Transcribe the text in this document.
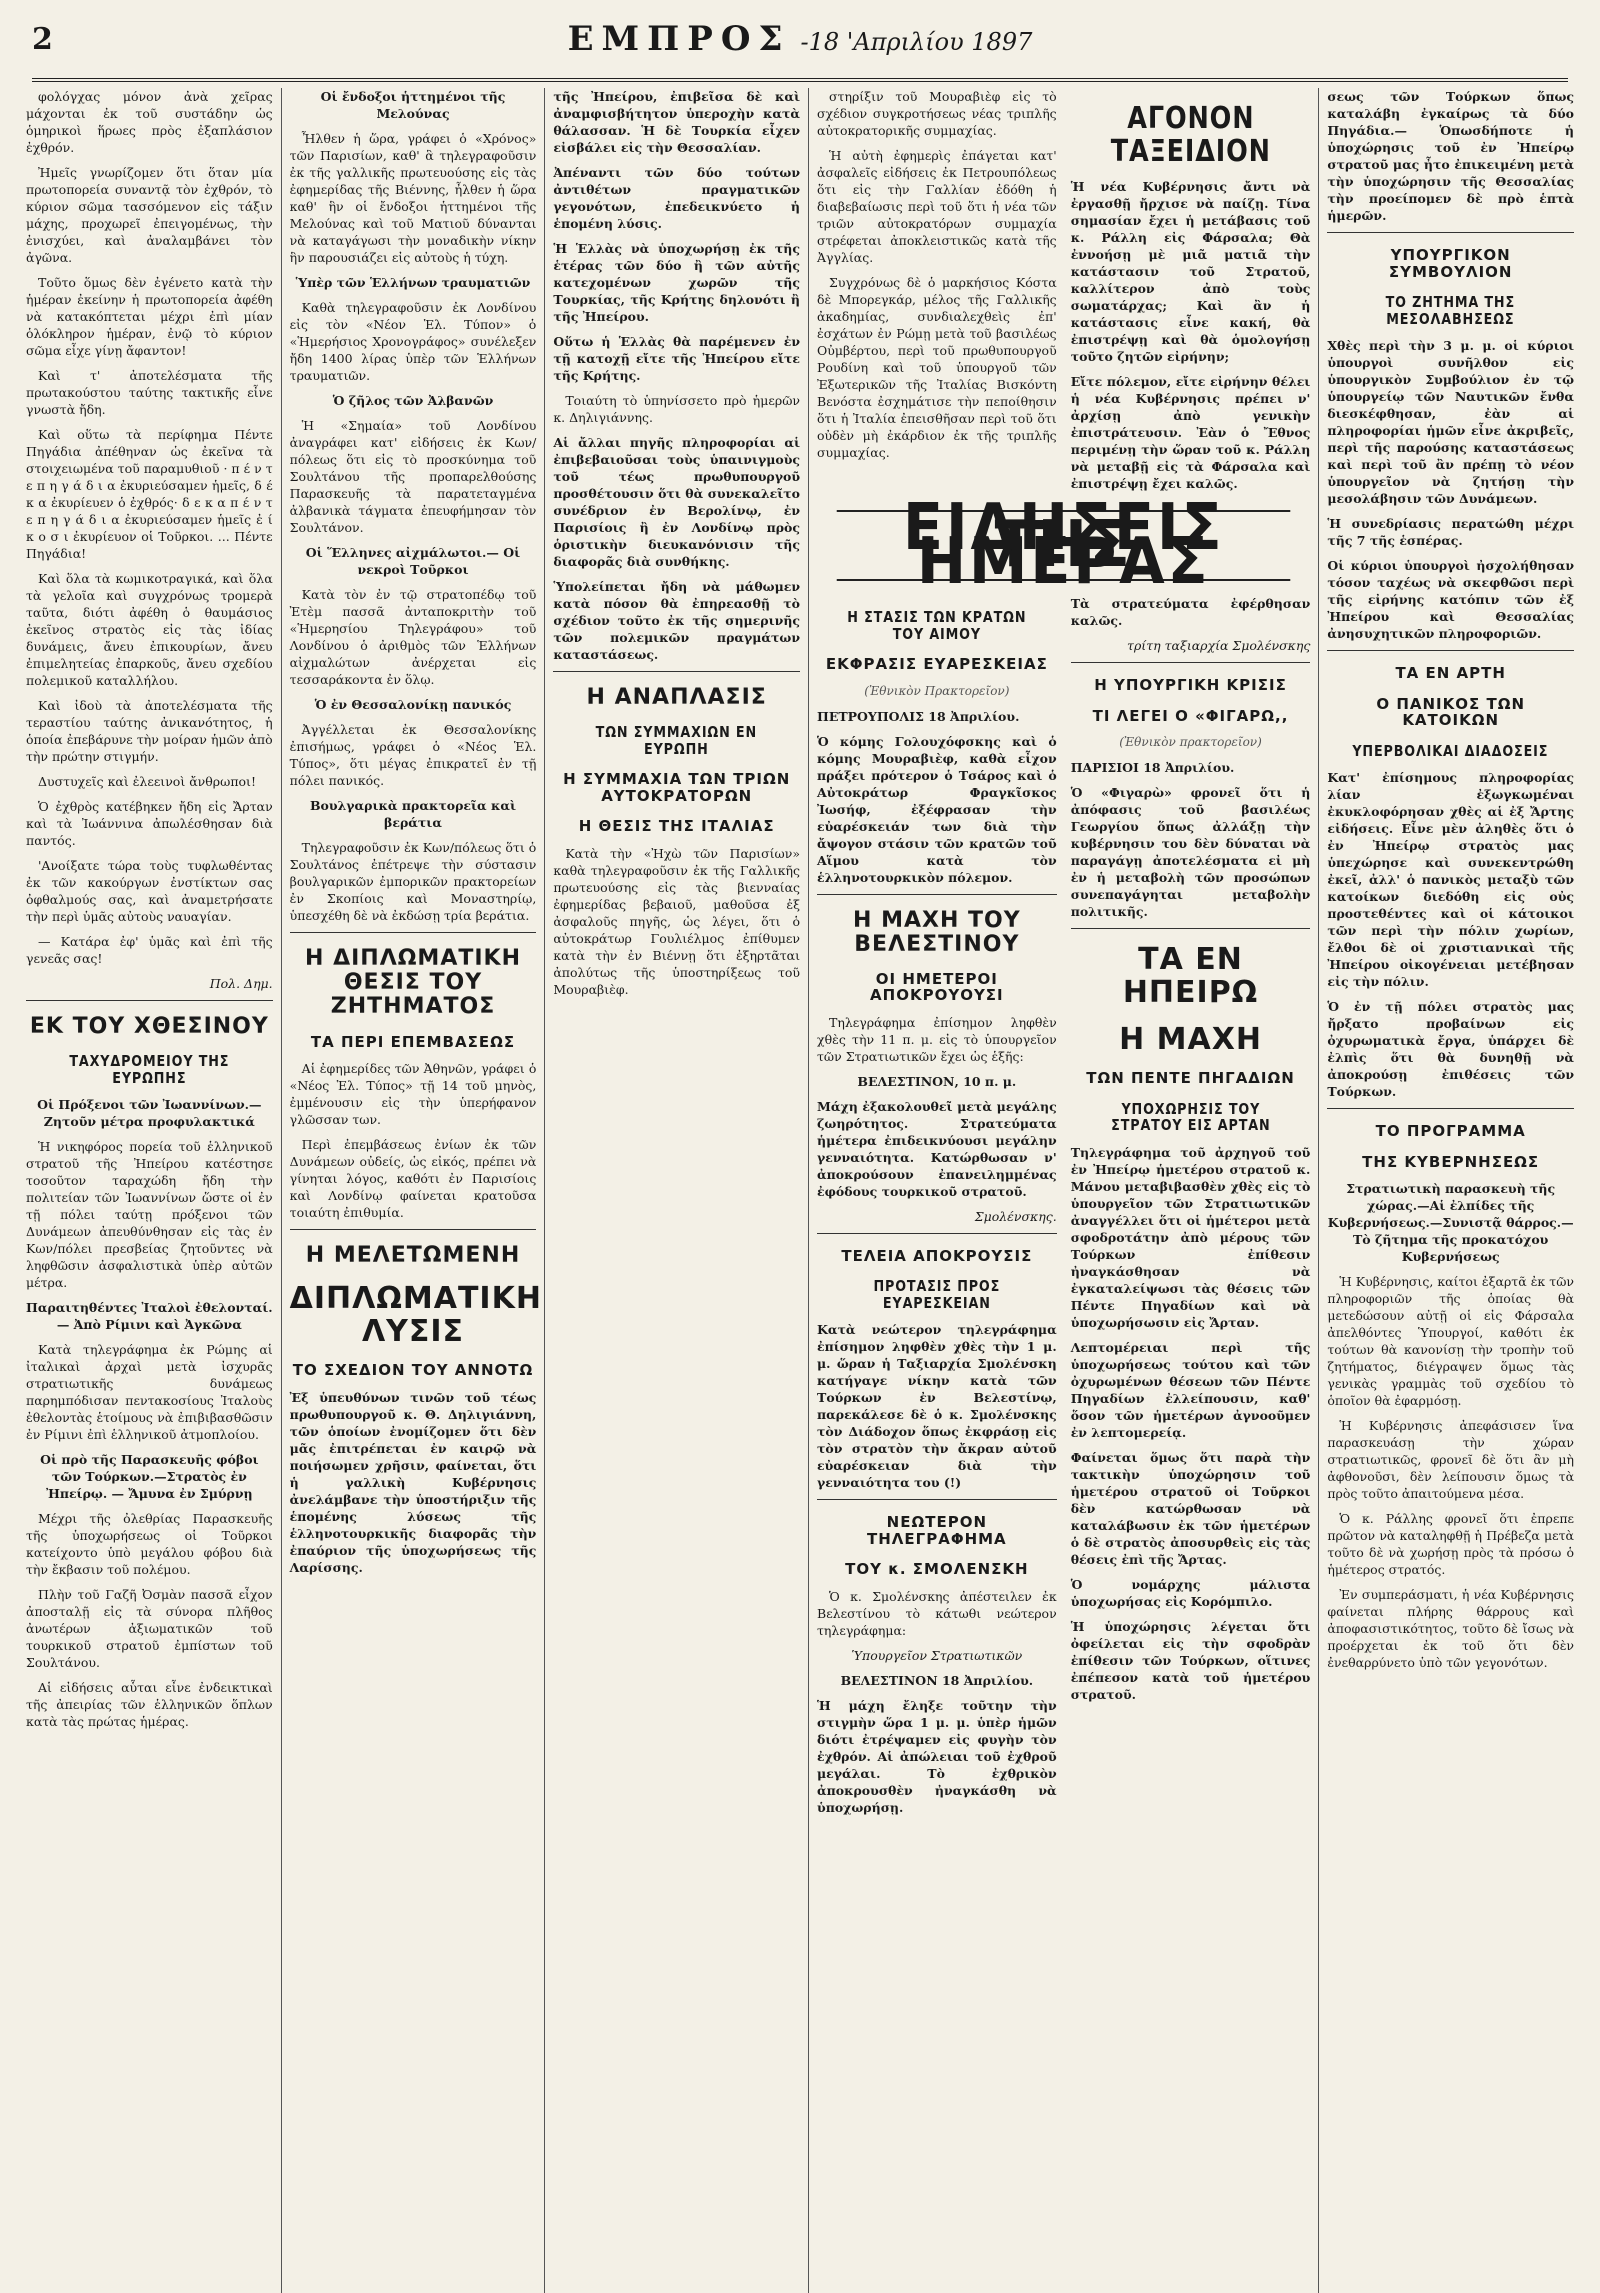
2	ΕΜΠΡΟΣ -18 'Απριλίου 1897

φολόγχας μόνον ἀνὰ χεῖρας μάχονται ἐκ τοῦ συστάδην ὡς ὁμηρικοὶ ἥρωες πρὸς ἐξαπλάσιον ἐχθρόν.

Ἠμεῖς γνωρίζομεν ὅτι ὅταν μία πρωτοπορεία συναντᾷ τὸν ἐχθρόν, τὸ κύριον σῶμα τασσόμενον εἰς τάξιν μάχης, προχωρεῖ ἐπειγομένως, τὴν ἐνισχύει, καὶ ἀναλαμβάνει τὸν ἀγῶνα.

Τοῦτο ὅμως δὲν ἐγένετο κατὰ τὴν ἡμέραν ἐκείνην ἡ πρωτοπορεία ἀφέθη νὰ κατακόπτεται μέχρι ἐπὶ μίαν ὁλόκληρον ἡμέραν, ἐνῷ τὸ κύριον σῶμα εἶχε γίνῃ ἄφαντον!

Καὶ τ' ἀποτελέσματα τῆς πρωτακούστου ταύτης τακτικῆς εἶνε γνωστὰ ἤδη.

Καὶ οὕτω τὰ περίφημα Πέντε Πηγάδια ἀπέθηναν ὡς ἐκεῖνα τὰ στοιχειωμένα τοῦ παραμυθιοῦ · π έ ν τ ε π η γ ά δ ι α ἐκυριεύσαμεν ἡμεῖς, δ έ κ α ἐκυρίευεν ὁ ἐχθρός· δ ε κ α π έ ν τ ε π η γ ά δ ι α ἐκυριεύσαμεν ἡμεῖς ἐ ί κ ο σ ι ἐκυρίευον οἱ Τοῦρκοι. ... Πέντε Πηγάδια!

Καὶ ὅλα τὰ κωμικοτραγικά, καὶ ὅλα τὰ γελοῖα καὶ συγχρόνως τρομερὰ ταῦτα, διότι ἀφέθη ὁ θαυμάσιος ἐκεῖνος στρατὸς εἰς τὰς ἰδίας δυνάμεις, ἄνευ ἐπικουρίων, ἄνευ ἐπιμελητείας ἐπαρκοῦς, ἄνευ σχεδίου πολεμικοῦ καταλλήλου.

Καὶ ἰδοὺ τὰ ἀποτελέσματα τῆς τεραστίου ταύτης ἀνικανότητος, ἡ ὁποία ἐπεβάρυνε τὴν μοίραν ἡμῶν ἀπὸ τὴν πρώτην στιγμήν.

Δυστυχεῖς καὶ ἐλεεινοὶ ἄνθρωποι!

Ὁ ἐχθρὸς κατέβηκεν ἤδη εἰς Ἄρταν καὶ τὰ Ἰωάννινα ἀπωλέσθησαν διὰ παντός.

'Ανοίξατε τώρα τοὺς τυφλωθέντας ἐκ τῶν κακούργων ἐνστίκτων σας ὀφθαλμούς σας, καὶ ἀναμετρήσατε τὴν περὶ ὑμᾶς αὐτοὺς ναυαγίαν.

— Κατάρα ἐφ' ὑμᾶς καὶ ἐπὶ τῆς γενεᾶς σας!

Πολ. Δημ.

ΕΚ ΤΟΥ ΧΘΕΣΙΝΟΥ
ΤΑΧΥΔΡΟΜΕΙΟΥ ΤΗΣ ΕΥΡΩΠΗΣ

Οἱ Πρόξενοι τῶν Ἰωαννίνων.— Ζητοῦν μέτρα προφυλακτικά

Ἡ νικηφόρος πορεία τοῦ ἑλληνικοῦ στρατοῦ τῆς Ἠπείρου κατέστησε τοσοῦτον ταραχώδη ἤδη τὴν πολιτείαν τῶν Ἰωαννίνων ὥστε οἱ ἐν τῇ πόλει ταύτῃ πρόξενοι τῶν Δυνάμεων ἀπευθύνθησαν εἰς τὰς ἐν Κων/πόλει πρεσβείας ζητοῦντες νὰ ληφθῶσιν ἀσφαλιστικὰ ὑπὲρ αὐτῶν μέτρα.

Παραιτηθέντες Ἰταλοὶ ἐθελονταί. — Ἀπὸ Ρίμινι καὶ Ἀγκῶνα

Κατὰ τηλεγράφημα ἐκ Ρώμης αἱ ἰταλικαὶ ἀρχαὶ μετὰ ἰσχυρᾶς στρατιωτικῆς δυνάμεως παρημπόδισαν πεντακοσίους Ἰταλοὺς ἐθελοντὰς ἑτοίμους νὰ ἐπιβιβασθῶσιν ἐν Ρίμινι ἐπὶ ἑλληνικοῦ ἀτμοπλοίου.

Οἱ πρὸ τῆς Παρασκευῆς φόβοι τῶν Τούρκων.—Στρατὸς ἐν Ἠπείρῳ. — Ἄμυνα ἐν Σμύρνῃ

Μέχρι τῆς ὀλεθρίας Παρασκευῆς τῆς ὑποχωρήσεως οἱ Τοῦρκοι κατείχοντο ὑπὸ μεγάλου φόβου διὰ τὴν ἔκβασιν τοῦ πολέμου.

Πλὴν τοῦ Γαζῆ Ὀσμὰν πασσᾶ εἶχον ἀποσταλῇ εἰς τὰ σύνορα πλῆθος ἀνωτέρων ἀξιωματικῶν τοῦ τουρκικοῦ στρατοῦ ἐμπίστων τοῦ Σουλτάνου.

Αἱ εἰδήσεις αὗται εἶνε ἐνδεικτικαὶ τῆς ἀπειρίας τῶν ἑλληνικῶν ὅπλων κατὰ τὰς πρώτας ἡμέρας.

Οἱ ἔνδοξοι ἡττημένοι τῆς Μελούνας

Ἦλθεν ἡ ὥρα, γράφει ὁ «Χρόνος» τῶν Παρισίων, καθ' ἃ τηλεγραφοῦσιν ἐκ τῆς γαλλικῆς πρωτευούσης εἰς τὰς ἐφημερίδας τῆς Βιέννης, ἦλθεν ἡ ὥρα καθ' ἣν οἱ ἔνδοξοι ἡττημένοι τῆς Μελούνας καὶ τοῦ Ματιοῦ δύνανται νὰ καταγάγωσι τὴν μοναδικὴν νίκην ἣν παρουσιάζει εἰς αὐτοὺς ἡ τύχη.

Ὑπὲρ τῶν Ἑλλήνων τραυματιῶν

Καθὰ τηλεγραφοῦσιν ἐκ Λονδίνου εἰς τὸν «Νέον Ἑλ. Τύπον» ὁ «Ἡμερήσιος Χρονογράφος» συνέλεξεν ἤδη 1400 λίρας ὑπὲρ τῶν Ἑλλήνων τραυματιῶν.

Ὁ ζῆλος τῶν Ἀλβανῶν

Ἡ «Σημαία» τοῦ Λονδίνου ἀναγράφει κατ' εἰδήσεις ἐκ Κων/πόλεως ὅτι εἰς τὸ προσκύνημα τοῦ Σουλτάνου τῆς προπαρελθούσης Παρασκευῆς τὰ παρατεταγμένα ἀλβανικὰ τάγματα ἐπευφήμησαν τὸν Σουλτάνον.

Οἱ Ἕλληνες αἰχμάλωτοι.— Οἱ νεκροὶ Τοῦρκοι

Κατὰ τὸν ἐν τῷ στρατοπέδῳ τοῦ Ἐτὲμ πασσᾶ ἀνταποκριτὴν τοῦ «Ἡμερησίου Τηλεγράφου» τοῦ Λονδίνου ὁ ἀριθμὸς τῶν Ἑλλήνων αἰχμαλώτων ἀνέρχεται εἰς τεσσαράκοντα ἐν ὅλῳ.

Ὁ ἐν Θεσσαλονίκῃ πανικός

Ἀγγέλλεται ἐκ Θεσσαλονίκης ἐπισήμως, γράφει ὁ «Νέος Ἑλ. Τύπος», ὅτι μέγας ἐπικρατεῖ ἐν τῇ πόλει πανικός.

Βουλγαρικὰ πρακτορεῖα καὶ βεράτια

Τηλεγραφοῦσιν ἐκ Κων/πόλεως ὅτι ὁ Σουλτάνος ἐπέτρεψε τὴν σύστασιν βουλγαρικῶν ἐμπορικῶν πρακτορείων ἐν Σκοπίοις καὶ Μοναστηρίῳ, ὑπεσχέθη δὲ νὰ ἐκδώσῃ τρία βεράτια.

Η ΔΙΠΛΩΜΑΤΙΚΗ ΘΕΣΙΣ ΤΟΥ ΖΗΤΗΜΑΤΟΣ
ΤΑ ΠΕΡΙ ΕΠΕΜΒΑΣΕΩΣ

Αἱ ἐφημερίδες τῶν Ἀθηνῶν, γράφει ὁ «Νέος Ἑλ. Τύπος» τῇ 14 τοῦ μηνὸς, ἐμμένουσιν εἰς τὴν ὑπερήφανον γλῶσσαν των.

Περὶ ἐπεμβάσεως ἐνίων ἐκ τῶν Δυνάμεων οὐδείς, ὡς εἰκός, πρέπει νὰ γίνηται λόγος, καθότι ἐν Παρισίοις καὶ Λονδίνῳ φαίνεται κρατοῦσα τοιαύτη ἐπιθυμία.

Η ΜΕΛΕΤΩΜΕΝΗ
ΔΙΠΛΩΜΑΤΙΚΗ ΛΥΣΙΣ
ΤΟ ΣΧΕΔΙΟΝ ΤΟΥ ΑΝΝΟΤΩ

Ἐξ ὑπευθύνων τινῶν τοῦ τέως πρωθυπουργοῦ κ. Θ. Δηλιγιάννη, τῶν ὁποίων ἐνομίζομεν ὅτι δὲν μᾶς ἐπιτρέπεται ἐν καιρῷ νὰ ποιήσωμεν χρῆσιν, φαίνεται, ὅτι ἡ γαλλικὴ Κυβέρνησις ἀνελάμβανε τὴν ὑποστήριξιν τῆς ἑπομένης λύσεως τῆς ἑλληνοτουρκικῆς διαφορᾶς τὴν ἐπαύριον τῆς ὑποχωρήσεως τῆς Λαρίσσης.

τῆς Ἠπείρου, ἐπιβεῖσα δὲ καὶ ἀναμφισβήτητον ὑπεροχὴν κατὰ θάλασσαν. Ἡ δὲ Τουρκία εἶχεν εἰσβάλει εἰς τὴν Θεσσαλίαν.

Ἀπέναντι τῶν δύο τούτων ἀντιθέτων πραγματικῶν γεγονότων, ἐπεδεικνύετο ἡ ἑπομένη λύσις.

Ἡ Ἑλλὰς νὰ ὑποχωρήσῃ ἐκ τῆς ἑτέρας τῶν δύο ἢ τῶν αὐτῆς κατεχομένων χωρῶν τῆς Τουρκίας, τῆς Κρήτης δηλονότι ἢ τῆς Ἠπείρου.

Οὕτω ἡ Ἑλλὰς θὰ παρέμενεν ἐν τῇ κατοχῇ εἴτε τῆς Ἠπείρου εἴτε τῆς Κρήτης.

Τοιαύτη τὸ ὑπηνίσσετο πρὸ ἡμερῶν κ. Δηλιγιάννης.

Αἱ ἄλλαι πηγῆς πληροφορίαι αἱ ἐπιβεβαιοῦσαι τοὺς ὑπαινιγμοὺς τοῦ τέως πρωθυπουργοῦ προσθέτουσιν ὅτι θὰ συνεκαλεῖτο συνέδριον ἐν Βερολίνῳ, ἐν Παρισίοις ἢ ἐν Λονδίνῳ πρὸς ὁριστικὴν διευκανόνισιν τῆς διαφορᾶς διὰ συνθήκης.

Ὑπολείπεται ἤδη νὰ μάθωμεν κατὰ πόσον θὰ ἐπηρεασθῇ τὸ σχέδιον τοῦτο ἐκ τῆς σημερινῆς τῶν πολεμικῶν πραγμάτων καταστάσεως.

Η ΑΝΑΠΛΑΣΙΣ
ΤΩΝ ΣΥΜΜΑΧΙΩΝ ΕΝ ΕΥΡΩΠΗ
Η ΣΥΜΜΑΧΙΑ ΤΩΝ ΤΡΙΩΝ ΑΥΤΟΚΡΑΤΟΡΩΝ
Η ΘΕΣΙΣ ΤΗΣ ΙΤΑΛΙΑΣ

Κατὰ τὴν «Ἠχὼ τῶν Παρισίων» καθὰ τηλεγραφοῦσιν ἐκ τῆς Γαλλικῆς πρωτευούσης εἰς τὰς βιενναίας ἐφημερίδας βεβαιοῦ, μαθοῦσα ἐξ ἀσφαλοῦς πηγῆς, ὡς λέγει, ὅτι ὁ αὐτοκράτωρ Γουλιέλμος ἐπίθυμεν κατὰ τὴν ἐν Βιέννῃ ὅτι ἐξηρτᾶται ἀπολύτως τῆς ὑποστηρίξεως τοῦ Μουραβιὲφ.

στηρίξιν τοῦ Μουραβιὲφ εἰς τὸ σχέδιον συγκροτήσεως νέας τριπλῆς αὐτοκρατορικῆς συμμαχίας.

Ἡ αὐτὴ ἐφημερὶς ἐπάγεται κατ' ἀσφαλεῖς εἰδήσεις ἐκ Πετρουπόλεως ὅτι εἰς τὴν Γαλλίαν ἐδόθη ἡ διαβεβαίωσις περὶ τοῦ ὅτι ἡ νέα τῶν τριῶν αὐτοκρατόρων συμμαχία στρέφεται ἀποκλειστικῶς κατὰ τῆς Ἀγγλίας.

Συγχρόνως δὲ ὁ μαρκήσιος Κόστα δὲ Μπορεγκάρ, μέλος τῆς Γαλλικῆς ἀκαδημίας, συνδιαλεχθεὶς ἐπ' ἐσχάτων ἐν Ρώμῃ μετὰ τοῦ βασιλέως Οὐμβέρτου, περὶ τοῦ πρωθυπουργοῦ Ρουδίνη καὶ τοῦ ὑπουργοῦ τῶν Ἐξωτερικῶν τῆς Ἰταλίας Βισκόντη Βενόστα ἐσχημάτισε τὴν πεποίθησιν ὅτι ἡ Ἰταλία ἐπεισθῆσαν περὶ τοῦ ὅτι οὐδὲν μὴ ἐκάρδιον ἐκ τῆς τριπλῆς συμμαχίας.

ΑΓΟΝΟΝ ΤΑΞΕΙΔΙΟΝ

Ἡ νέα Κυβέρνησις ἄντι νὰ ἐργασθῇ ἤρχισε νὰ παίζῃ. Τίνα σημασίαν ἔχει ἡ μετάβασις τοῦ κ. Ράλλη εἰς Φάρσαλα; Θὰ ἐννοήσῃ μὲ μιᾶ ματιᾶ τὴν κατάστασιν τοῦ Στρατοῦ, καλλίτερον ἀπὸ τοὺς σωματάρχας; Καὶ ἂν ἡ κατάστασις εἶνε κακή, θὰ ἐπιστρέψῃ καὶ θὰ ὁμολογήσῃ τοῦτο ζητῶν εἰρήνην;

Εἴτε πόλεμον, εἴτε εἰρήνην θέλει ἡ νέα Κυβέρνησις πρέπει ν' ἀρχίσῃ ἀπὸ γενικὴν ἐπιστράτευσιν. Ἐὰν ὁ Ἔθνος περιμένῃ τὴν ὥραν τοῦ κ. Ράλλη νὰ μεταβῇ εἰς τὰ Φάρσαλα καὶ ἐπιστρέψῃ ἔχει καλῶς.

ΕΙΔΗΣΕΙΣ ΤΗΣ ΗΜΕΡΑΣ
Η ΣΤΑΣΙΣ ΤΩΝ ΚΡΑΤΩΝ ΤΟΥ ΑΙΜΟΥ
ΕΚΦΡΑΣΙΣ ΕΥΑΡΕΣΚΕΙΑΣ

(Ἐθνικὸν Πρακτορεῖον)

ΠΕΤΡΟΥΠΟΛΙΣ 18 Ἀπριλίου.

Ὁ κόμης Γολουχόφσκης καὶ ὁ κόμης Μουραβιὲφ, καθὰ εἶχον πράξει πρότερον ὁ Τσάρος καὶ ὁ Αὐτοκράτωρ Φραγκῖσκος Ἰωσήφ, ἐξέφρασαν τὴν εὐαρέσκειάν των διὰ τὴν ἄψογον στάσιν τῶν κρατῶν τοῦ Αἵμου κατὰ τὸν ἑλληνοτουρκικὸν πόλεμον.

Η ΜΑΧΗ ΤΟΥ ΒΕΛΕΣΤΙΝΟΥ
ΟΙ ΗΜΕΤΕΡΟΙ ΑΠΟΚΡΟΥΟΥΣΙ

Τηλεγράφημα ἐπίσημον ληφθὲν χθὲς τὴν 11 π. μ. εἰς τὸ ὑπουργεῖον τῶν Στρατιωτικῶν ἔχει ὡς ἑξῆς:

ΒΕΛΕΣΤΙΝΟΝ, 10 π. μ.

Μάχη ἐξακολουθεῖ μετὰ μεγάλης ζωηρότητος. Στρατεύματα ἡμέτερα ἐπιδεικνύουσι μεγάλην γενναιότητα. Κατώρθωσαν ν' ἀποκρούσουν ἐπανειλημμένας ἐφόδους τουρκικοῦ στρατοῦ.

Σμολένσκης.

ΤΕΛΕΙΑ ΑΠΟΚΡΟΥΣΙΣ
ΠΡΟΤΑΣΙΣ ΠΡΟΣ ΕΥΑΡΕΣΚΕΙΑΝ

Κατὰ νεώτερον τηλεγράφημα ἐπίσημον ληφθὲν χθὲς τὴν 1 μ. μ. ὥραν ἡ Ταξιαρχία Σμολένσκη κατήγαγε νίκην κατὰ τῶν Τούρκων ἐν Βελεστίνῳ, παρεκάλεσε δὲ ὁ κ. Σμολένσκης τὸν Διάδοχον ὅπως ἐκφράσῃ εἰς τὸν στρατὸν τὴν ἄκραν αὐτοῦ εὐαρέσκειαν διὰ τὴν γενναιότητα του (!)

ΝΕΩΤΕΡΟΝ ΤΗΛΕΓΡΑΦΗΜΑ
ΤΟΥ κ. ΣΜΟΛΕΝΣΚΗ

Ὁ κ. Σμολένσκης ἀπέστειλεν ἐκ Βελεστίνου τὸ κάτωθι νεώτερον τηλεγράφημα:

Ὑπουργεῖον Στρατιωτικῶν

ΒΕΛΕΣΤΙΝΟΝ 18 Ἀπριλίου.

Ἡ μάχη ἔληξε τοῦτην τὴν στιγμὴν ὥρα 1 μ. μ. ὑπὲρ ἡμῶν διότι ἐτρέψαμεν εἰς φυγὴν τὸν ἐχθρόν. Αἱ ἀπώλειαι τοῦ ἐχθροῦ μεγάλαι. Τὸ ἐχθρικὸν ἀποκρουσθὲν ἠναγκάσθη νὰ ὑποχωρήσῃ.

Τὰ στρατεύματα ἐφέρθησαν καλῶς.

τρίτη ταξιαρχία Σμολένσκης

Η ΥΠΟΥΡΓΙΚΗ ΚΡΙΣΙΣ
ΤΙ ΛΕΓΕΙ Ο «ΦΙΓΑΡΩ,,

(Ἐθνικὸν πρακτορεῖον)

ΠΑΡΙΣΙΟΙ 18 Ἀπριλίου.

Ὁ «Φιγαρὼ» φρονεῖ ὅτι ἡ ἀπόφασις τοῦ βασιλέως Γεωργίου ὅπως ἀλλάξῃ τὴν κυβέρνησιν του δὲν δύναται νὰ παραγάγῃ ἀποτελέσματα εἰ μὴ ἐν ἡ μεταβολὴ τῶν προσώπων συνεπαγάγηται μεταβολὴν πολιτικῆς.

ΤΑ ΕΝ ΗΠΕΙΡΩ
Η ΜΑΧΗ
ΤΩΝ ΠΕΝΤΕ ΠΗΓΑΔΙΩΝ
ΥΠΟΧΩΡΗΣΙΣ ΤΟΥ ΣΤΡΑΤΟΥ ΕΙΣ ΑΡΤΑΝ

Τηλεγράφημα τοῦ ἀρχηγοῦ τοῦ ἐν Ἠπείρῳ ἡμετέρου στρατοῦ κ. Μάνου μεταβιβασθὲν χθὲς εἰς τὸ ὑπουργεῖον τῶν Στρατιωτικῶν ἀναγγέλλει ὅτι οἱ ἡμέτεροι μετὰ σφοδροτάτην ἀπὸ μέρους τῶν Τούρκων ἐπίθεσιν ἠναγκάσθησαν νὰ ἐγκαταλείψωσι τὰς θέσεις τῶν Πέντε Πηγαδίων καὶ νὰ ὑποχωρήσωσιν εἰς Ἄρταν.

Λεπτομέρειαι περὶ τῆς ὑποχωρήσεως τούτου καὶ τῶν ὀχυρωμένων θέσεων τῶν Πέντε Πηγαδίων ἐλλείπουσιν, καθ' ὅσον τῶν ἡμετέρων ἀγνοοῦμεν ἐν λεπτομερείᾳ.

Φαίνεται ὅμως ὅτι παρὰ τὴν τακτικὴν ὑποχώρησιν τοῦ ἡμετέρου στρατοῦ οἱ Τοῦρκοι δὲν κατώρθωσαν νὰ καταλάβωσιν ἐκ τῶν ἡμετέρων ὁ δὲ στρατὸς ἀποσυρθεὶς εἰς τὰς θέσεις ἐπὶ τῆς Ἄρτας.

Ὁ νομάρχης μάλιστα ὑποχωρήσας εἰς Κορόμπιλο.

Ἡ ὑποχώρησις λέγεται ὅτι ὀφείλεται εἰς τὴν σφοδρὰν ἐπίθεσιν τῶν Τούρκων, οἵτινες ἐπέπεσον κατὰ τοῦ ἡμετέρου στρατοῦ.

σεως τῶν Τούρκων ὅπως καταλάβη ἐγκαίρως τὰ δύο Πηγάδια.— Ὁπωσδήποτε ἡ ὑποχώρησις τοῦ ἐν Ἠπείρῳ στρατοῦ μας ἦτο ἐπικειμένη μετὰ τὴν ὑποχώρησιν τῆς Θεσσαλίας τὴν προείπομεν δὲ πρὸ ἑπτὰ ἡμερῶν.

ΥΠΟΥΡΓΙΚΟΝ ΣΥΜΒΟΥΛΙΟΝ
ΤΟ ΖΗΤΗΜΑ ΤΗΣ ΜΕΣΟΛΑΒΗΣΕΩΣ

Χθὲς περὶ τὴν 3 μ. μ. οἱ κύριοι ὑπουργοὶ συνῆλθον εἰς ὑπουργικὸν Συμβούλιον ἐν τῷ ὑπουργείῳ τῶν Ναυτικῶν ἔνθα διεσκέφθησαν, ἐὰν αἱ πληροφορίαι ἡμῶν εἶνε ἀκριβεῖς, περὶ τῆς παρούσης καταστάσεως καὶ περὶ τοῦ ἂν πρέπῃ τὸ νέον ὑπουργεῖον νὰ ζητήσῃ τὴν μεσολάβησιν τῶν Δυνάμεων.

Ἡ συνεδρίασις περατώθη μέχρι τῆς 7 τῆς ἑσπέρας.

Οἱ κύριοι ὑπουργοὶ ἠσχολήθησαν τόσον ταχέως νὰ σκεφθῶσι περὶ τῆς εἰρήνης κατόπιν τῶν ἐξ Ἠπείρου καὶ Θεσσαλίας ἀνησυχητικῶν πληροφοριῶν.

ΤΑ ΕΝ ΑΡΤΗ
Ο ΠΑΝΙΚΟΣ ΤΩΝ ΚΑΤΟΙΚΩΝ
ΥΠΕΡΒΟΛΙΚΑΙ ΔΙΑΔΟΣΕΙΣ

Κατ' ἐπίσημους πληροφορίας λίαν ἐξωγκωμέναι ἐκυκλοφόρησαν χθὲς αἱ ἐξ Ἄρτης εἰδήσεις. Εἶνε μὲν ἀληθὲς ὅτι ὁ ἐν Ἠπείρῳ στρατὸς μας ὑπεχώρησε καὶ συνεκεντρώθη ἐκεῖ, ἀλλ' ὁ πανικὸς μεταξὺ τῶν κατοίκων διεδόθη εἰς οὐς προστεθέντες καὶ οἱ κάτοικοι τῶν περὶ τὴν πόλιν χωρίων, ἔλθοι δὲ οἱ χριστιανικαὶ τῆς Ἠπείρου οἰκογένειαι μετέβησαν εἰς τὴν πόλιν.

Ὁ ἐν τῇ πόλει στρατὸς μας ἤρξατο προβαίνων εἰς ὀχυρωματικὰ ἔργα, ὑπάρχει δὲ ἐλπὶς ὅτι θὰ δυνηθῇ νὰ ἀποκρούσῃ ἐπιθέσεις τῶν Τούρκων.

ΤΟ ΠΡΟΓΡΑΜΜΑ
ΤΗΣ ΚΥΒΕΡΝΗΣΕΩΣ

Στρατιωτικὴ παρασκευὴ τῆς χώρας.—Αἱ ἐλπίδες τῆς Κυβερνήσεως.—Συνιστᾷ θάρρος.— Τὸ ζῆτημα τῆς προκατόχου Κυβερνήσεως

Ἡ Κυβέρνησις, καίτοι ἐξαρτᾶ ἐκ τῶν πληροφοριῶν τῆς ὁποίας θὰ μετεδώσουν αὐτῇ οἱ εἰς Φάρσαλα ἀπελθόντες Ὑπουργοί, καθότι ἐκ τούτων θὰ κανονίσῃ τὴν τροπὴν τοῦ ζητήματος, διέγραψεν ὅμως τὰς γενικὰς γραμμὰς τοῦ σχεδίου τὸ ὁποῖον θὰ ἐφαρμόσῃ.

Ἡ Κυβέρνησις ἀπεφάσισεν ἵνα παρασκευάσῃ τὴν χώραν στρατιωτικῶς, φρονεῖ δὲ ὅτι ἂν μὴ ἀφθονοῦσι, δὲν λείπουσιν ὅμως τὰ πρὸς τοῦτο ἀπαιτούμενα μέσα.

Ὁ κ. Ράλλης φρονεῖ ὅτι ἐπρεπε πρῶτον νὰ καταληφθῇ ἡ Πρέβεζα μετὰ τοῦτο δὲ νὰ χωρήσῃ πρὸς τὰ πρόσω ὁ ἡμέτερος στρατός.

Ἐν συμπεράσματι, ἡ νέα Κυβέρνησις φαίνεται πλήρης θάρρους καὶ ἀποφασιστικότητος, τοῦτο δὲ ἴσως νὰ προέρχεται ἐκ τοῦ ὅτι δὲν ἐνεθαρρύνετο ὑπὸ τῶν γεγονότων.
